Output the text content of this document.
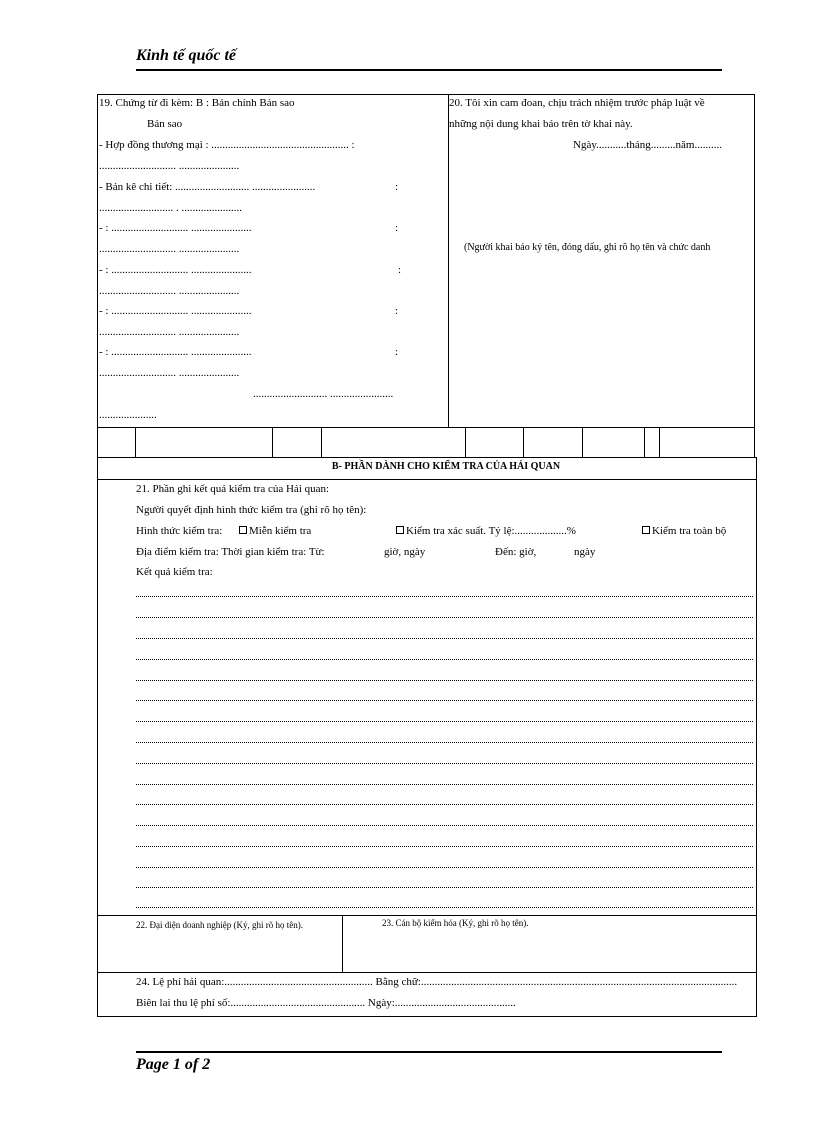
Kinh tế quốc tế
19. Chứng từ đi kèm: B : Bản chính Bản sao
Bản sao
- Hợp đồng thương mại : .................................................. :
............................ ......................
- Bản kê chi tiết: ........................... .......................	:
........................... . ......................
- : ............................ ......................	:
............................ ......................
- : ............................ ......................	:
............................ ......................
- : ............................ ......................	:
............................ ......................
- : ............................ ......................	:
............................ ......................
........................... .......................
.....................
20. Tôi xin cam đoan, chịu trách nhiệm trước pháp luật về
những nội dung khai báo trên tờ khai này.
Ngày...........tháng.........năm..........
(Người khai báo ký tên, đóng dấu, ghi rõ họ tên và chức danh
B- PHẦN DÀNH CHO KIỂM TRA CỦA HẢI QUAN
21. Phần ghi kết quả kiểm tra của Hải quan:
Người quyết định hình thức kiểm tra (ghi rõ họ tên):
Hình thức kiểm tra:	Miễn kiểm tra	Kiểm tra xác suất. Tỷ lệ:...................%	Kiểm tra toàn bộ
Địa điểm kiểm tra: Thời gian kiểm tra: Từ:	giờ, ngày	Đến: giờ,	ngày
Kết quả kiểm tra:
22. Đại diện doanh nghiệp (Ký, ghi rõ họ tên).	23. Cán bộ kiểm hóa (Ký, ghi rõ họ tên).
24. Lệ phí hải quan:...................................................... Bằng chữ:...................................................................................................................
Biên lai thu lệ phí số:................................................. Ngày:............................................
Page 1 of 2
